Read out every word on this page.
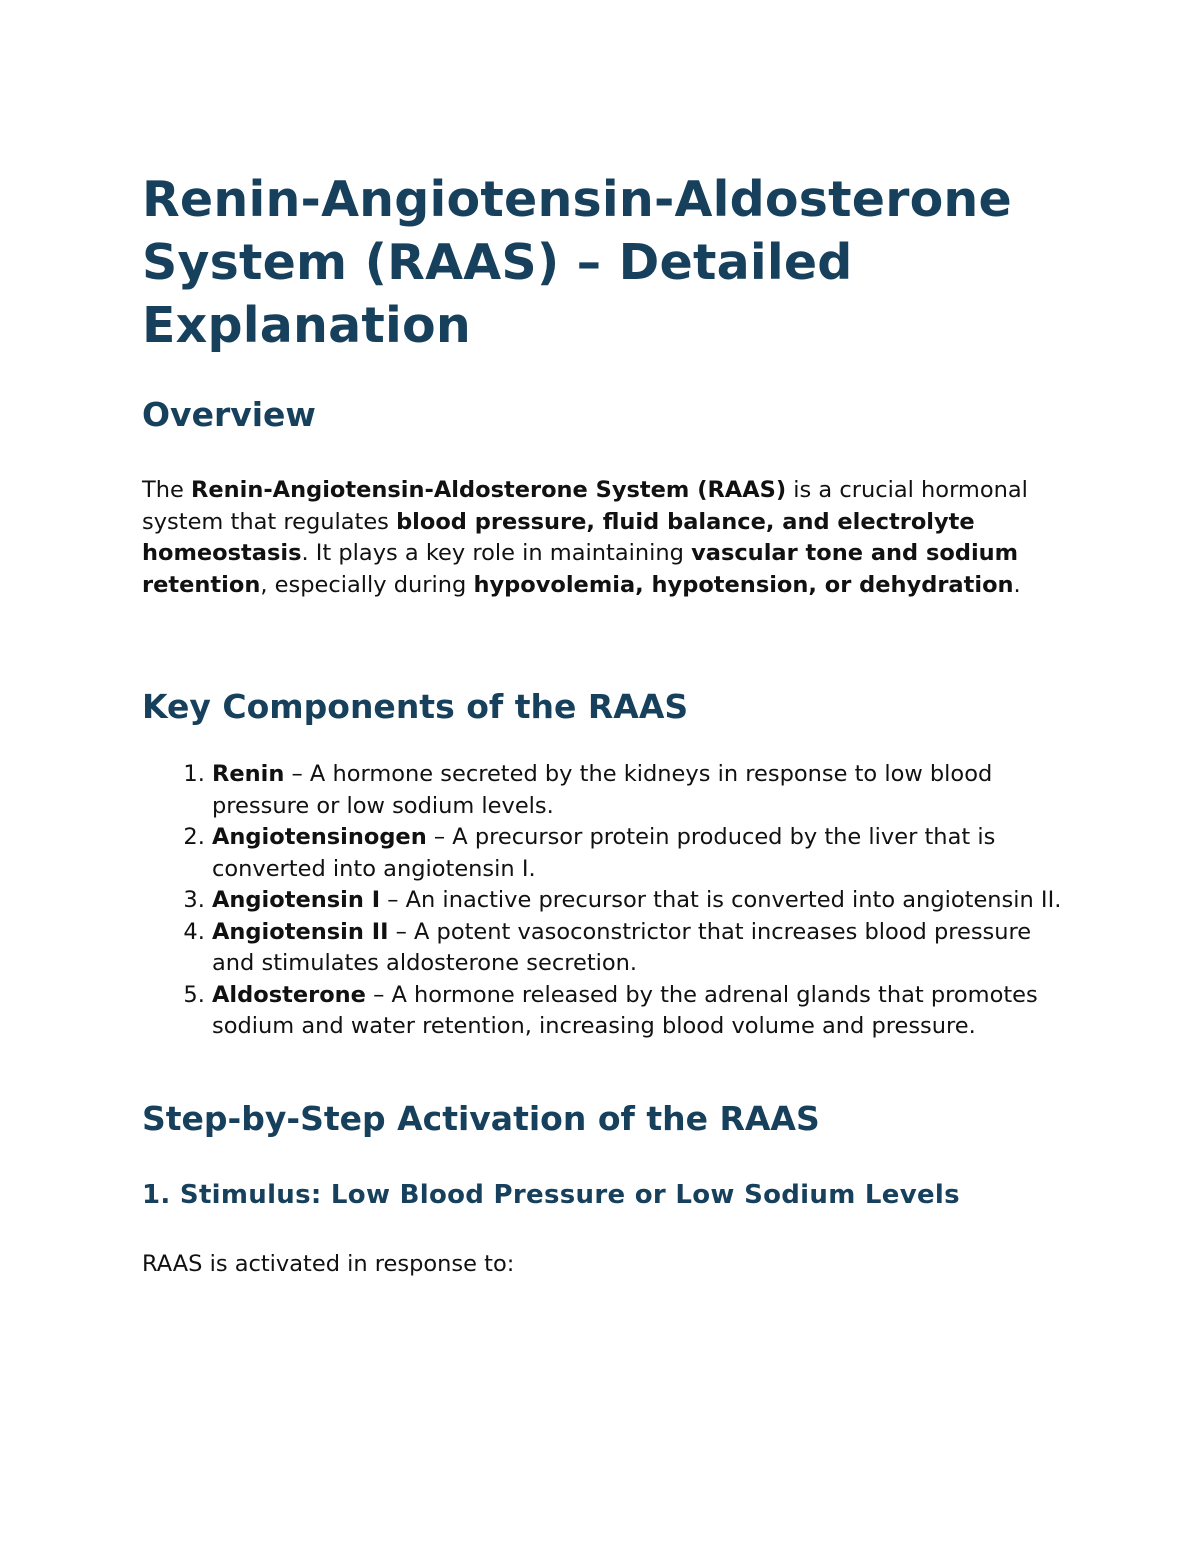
Renin-Angiotensin-Aldosterone System (RAAS) – Detailed Explanation
Overview

The Renin-Angiotensin-Aldosterone System (RAAS) is a crucial hormonal system that regulates blood pressure, fluid balance, and electrolyte homeostasis. It plays a key role in maintaining vascular tone and sodium retention, especially during hypovolemia, hypotension, or dehydration.

Key Components of the RAAS
1. Renin – A hormone secreted by the kidneys in response to low blood pressure or low sodium levels.
2. Angiotensinogen – A precursor protein produced by the liver that is converted into angiotensin I.
3. Angiotensin I – An inactive precursor that is converted into angiotensin II.
4. Angiotensin II – A potent vasoconstrictor that increases blood pressure and stimulates aldosterone secretion.
5. Aldosterone – A hormone released by the adrenal glands that promotes sodium and water retention, increasing blood volume and pressure.
Step-by-Step Activation of the RAAS
1. Stimulus: Low Blood Pressure or Low Sodium Levels

RAAS is activated in response to:
